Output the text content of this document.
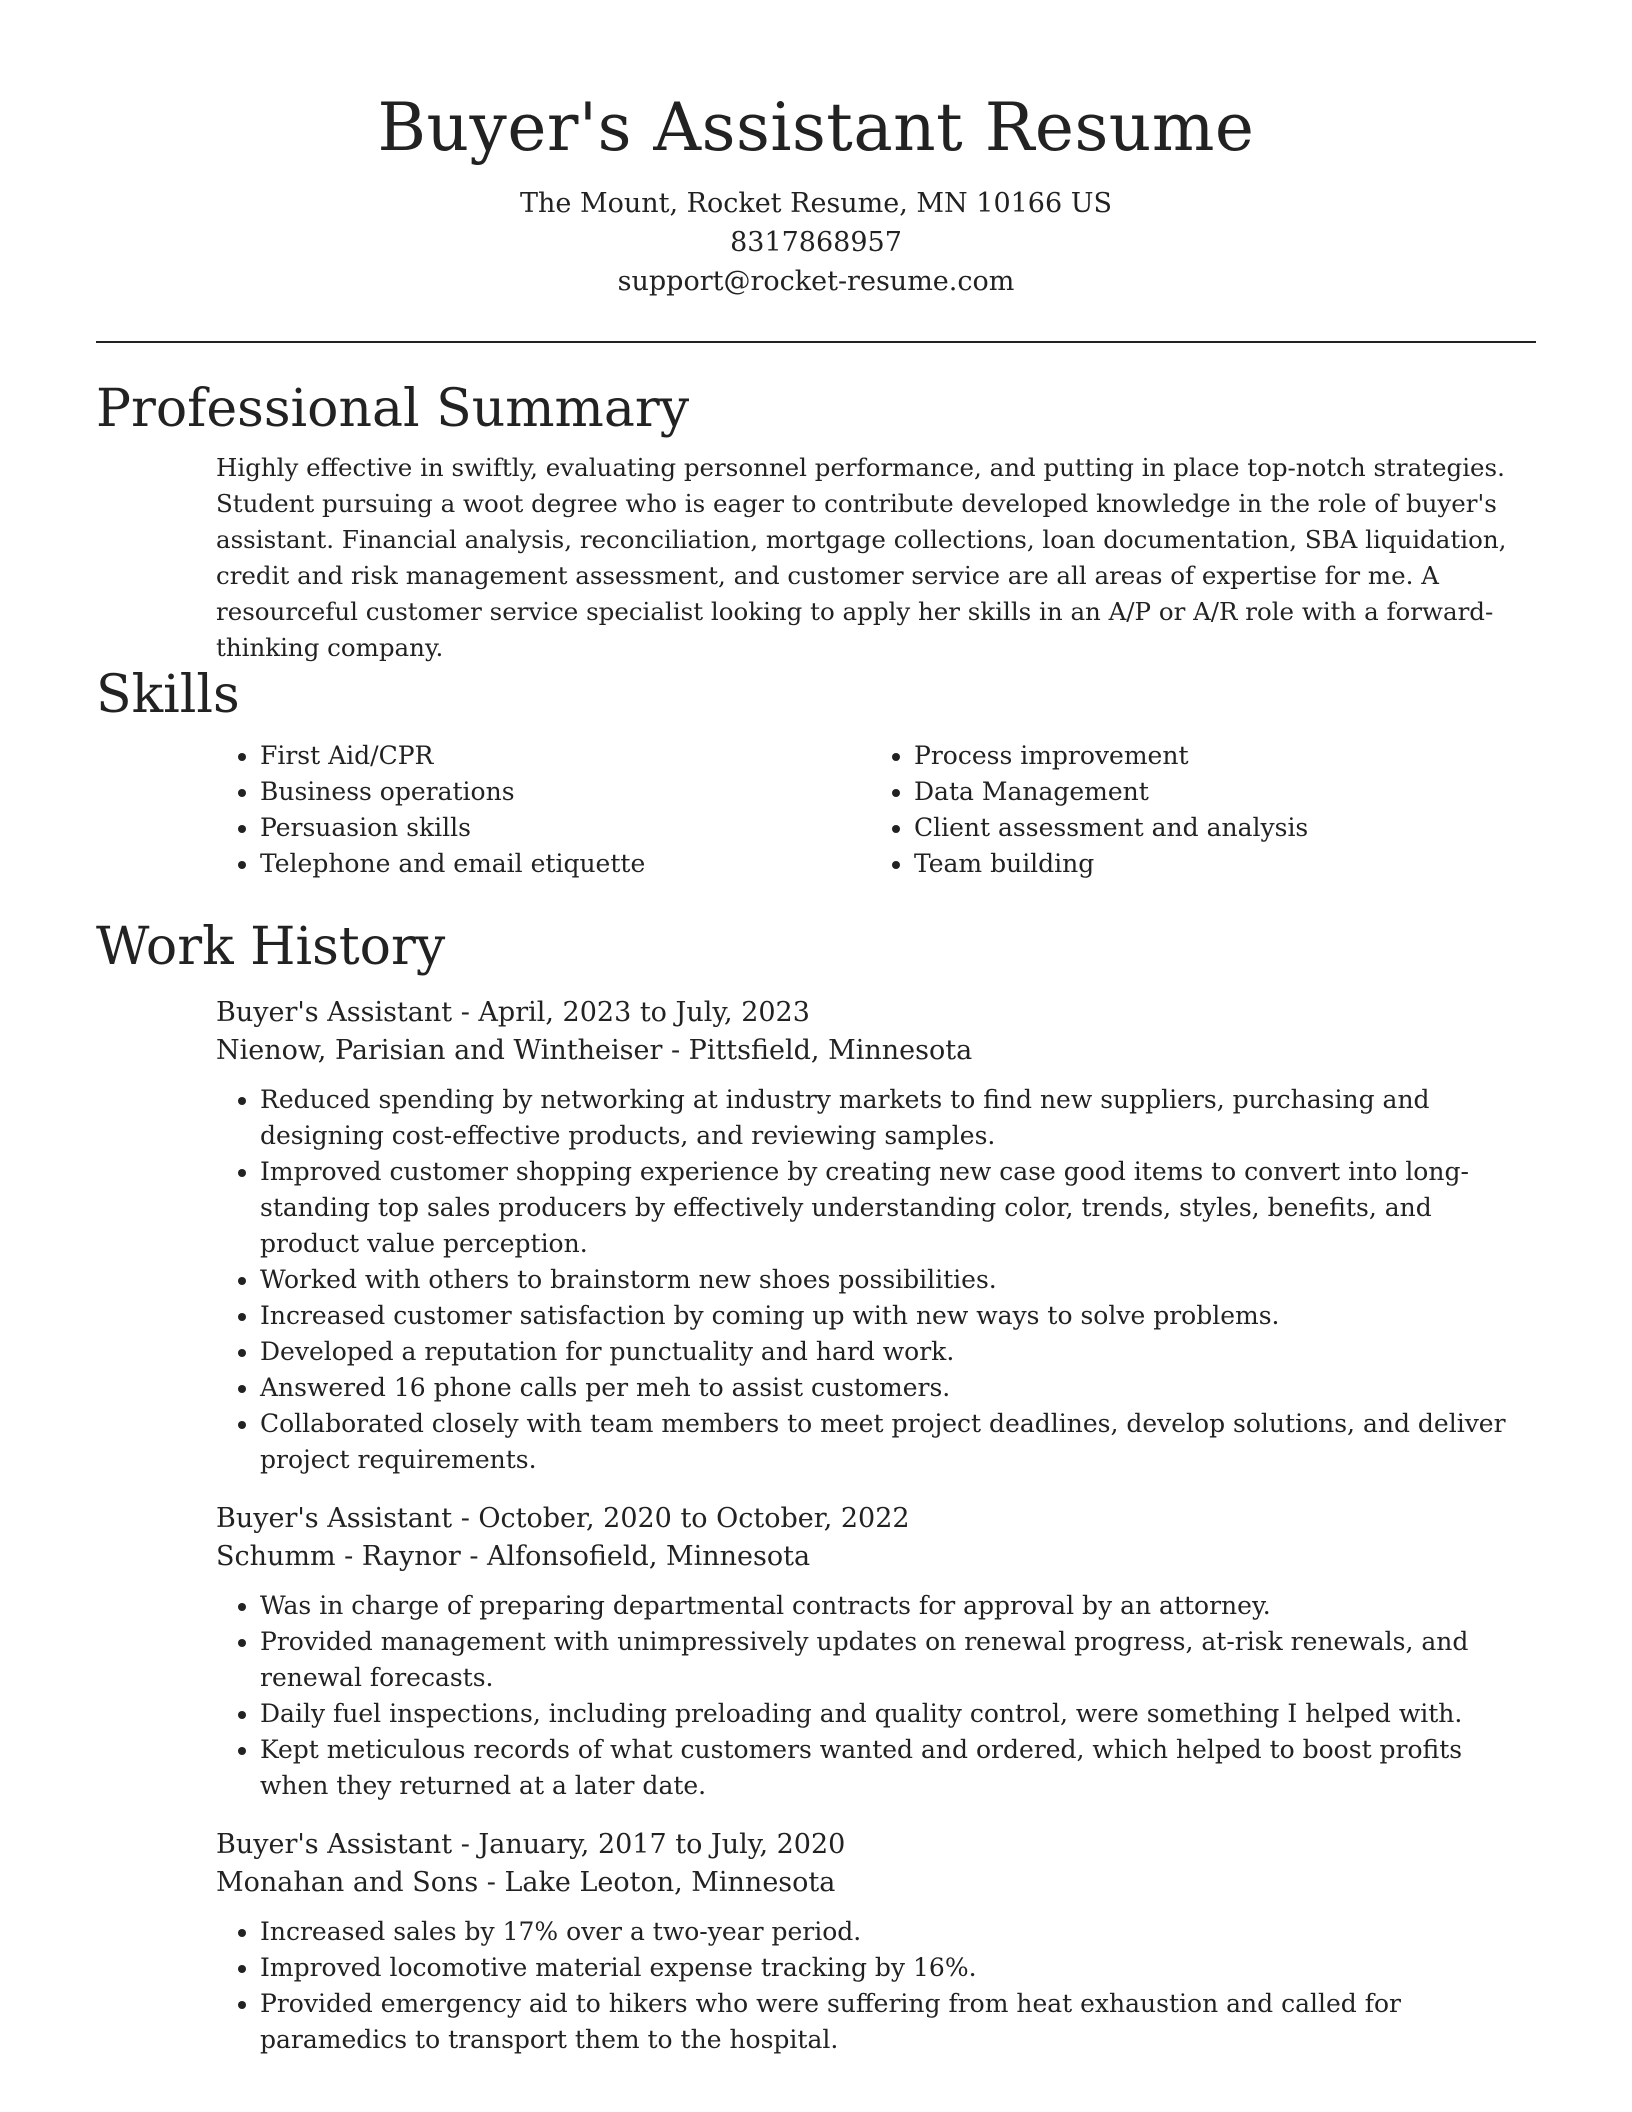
Buyer's Assistant Resume

The Mount, Rocket Resume, MN 10166 US

8317868957

support@rocket-resume.com

Professional Summary

Highly effective in swiftly, evaluating personnel performance, and putting in place top-notch strategies. Student pursuing a woot degree who is eager to contribute developed knowledge in the role of buyer's assistant. Financial analysis, reconciliation, mortgage collections, loan documentation, SBA liquidation, credit and risk management assessment, and customer service are all areas of expertise for me. A resourceful customer service specialist looking to apply her skills in an A/P or A/R role with a forward-thinking company.

Skills
• First Aid/CPR
• Business operations
• Persuasion skills
• Telephone and email etiquette
• Process improvement
• Data Management
• Client assessment and analysis
• Team building
Work History

Buyer's Assistant - April, 2023 to July, 2023

Nienow, Parisian and Wintheiser - Pittsfield, Minnesota

• Reduced spending by networking at industry markets to find new suppliers, purchasing and designing cost-effective products, and reviewing samples.
• Improved customer shopping experience by creating new case good items to convert into long-standing top sales producers by effectively understanding color, trends, styles, benefits, and product value perception.
• Worked with others to brainstorm new shoes possibilities.
• Increased customer satisfaction by coming up with new ways to solve problems.
• Developed a reputation for punctuality and hard work.
• Answered 16 phone calls per meh to assist customers.
• Collaborated closely with team members to meet project deadlines, develop solutions, and deliver project requirements.

Buyer's Assistant - October, 2020 to October, 2022

Schumm - Raynor - Alfonsofield, Minnesota

• Was in charge of preparing departmental contracts for approval by an attorney.
• Provided management with unimpressively updates on renewal progress, at-risk renewals, and renewal forecasts.
• Daily fuel inspections, including preloading and quality control, were something I helped with.
• Kept meticulous records of what customers wanted and ordered, which helped to boost profits when they returned at a later date.

Buyer's Assistant - January, 2017 to July, 2020

Monahan and Sons - Lake Leoton, Minnesota

• Increased sales by 17% over a two-year period.
• Improved locomotive material expense tracking by 16%.
• Provided emergency aid to hikers who were suffering from heat exhaustion and called for paramedics to transport them to the hospital.
